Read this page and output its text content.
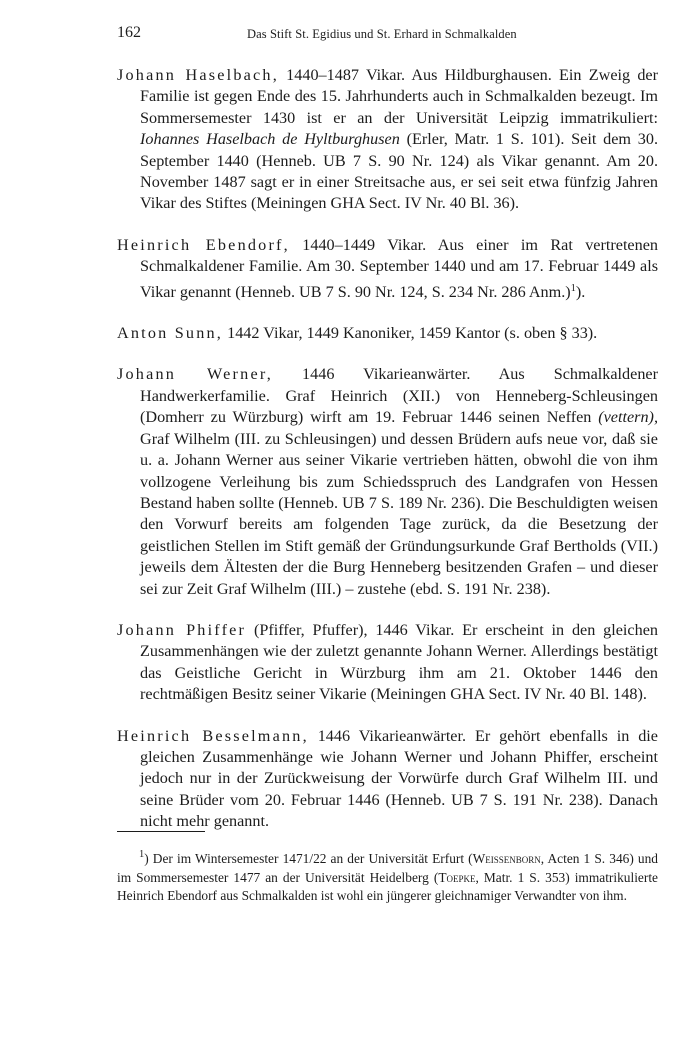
162	Das Stift St. Egidius und St. Erhard in Schmalkalden

Johann Haselbach, 1440–1487 Vikar. Aus Hildburghausen. Ein Zweig der Familie ist gegen Ende des 15. Jahrhunderts auch in Schmalkalden bezeugt. Im Sommersemester 1430 ist er an der Universität Leipzig immatrikuliert: Iohannes Haselbach de Hyltburghusen (Erler, Matr. 1 S. 101). Seit dem 30. September 1440 (Henneb. UB 7 S. 90 Nr. 124) als Vikar genannt. Am 20. November 1487 sagt er in einer Streitsache aus, er sei seit etwa fünfzig Jahren Vikar des Stiftes (Meiningen GHA Sect. IV Nr. 40 Bl. 36).

Heinrich Ebendorf, 1440–1449 Vikar. Aus einer im Rat vertretenen Schmalkaldener Familie. Am 30. September 1440 und am 17. Februar 1449 als Vikar genannt (Henneb. UB 7 S. 90 Nr. 124, S. 234 Nr. 286 Anm.)$^1$).

Anton Sunn, 1442 Vikar, 1449 Kanoniker, 1459 Kantor (s. oben § 33).

Johann Werner, 1446 Vikarieanwärter. Aus Schmalkaldener Handwerkerfamilie. Graf Heinrich (XII.) von Henneberg-Schleusingen (Domherr zu Würzburg) wirft am 19. Februar 1446 seinen Neffen (vettern), Graf Wilhelm (III. zu Schleusingen) und dessen Brüdern aufs neue vor, daß sie u. a. Johann Werner aus seiner Vikarie vertrieben hätten, obwohl die von ihm vollzogene Verleihung bis zum Schiedsspruch des Landgrafen von Hessen Bestand haben sollte (Henneb. UB 7 S. 189 Nr. 236). Die Beschuldigten weisen den Vorwurf bereits am folgenden Tage zurück, da die Besetzung der geistlichen Stellen im Stift gemäß der Gründungsurkunde Graf Bertholds (VII.) jeweils dem Ältesten der die Burg Henneberg besitzenden Grafen – und dieser sei zur Zeit Graf Wilhelm (III.) – zustehe (ebd. S. 191 Nr. 238).

Johann Phiffer (Pfiffer, Pfuffer), 1446 Vikar. Er erscheint in den gleichen Zusammenhängen wie der zuletzt genannte Johann Werner. Allerdings bestätigt das Geistliche Gericht in Würzburg ihm am 21. Oktober 1446 den rechtmäßigen Besitz seiner Vikarie (Meiningen GHA Sect. IV Nr. 40 Bl. 148).

Heinrich Besselmann, 1446 Vikarieanwärter. Er gehört ebenfalls in die gleichen Zusammenhänge wie Johann Werner und Johann Phiffer, erscheint jedoch nur in der Zurückweisung der Vorwürfe durch Graf Wilhelm III. und seine Brüder vom 20. Februar 1446 (Henneb. UB 7 S. 191 Nr. 238). Danach nicht mehr genannt.

$^1$) Der im Wintersemester 1471/22 an der Universität Erfurt (Weissenborn, Acten 1 S. 346) und im Sommersemester 1477 an der Universität Heidelberg (Toepke, Matr. 1 S. 353) immatrikulierte Heinrich Ebendorf aus Schmalkalden ist wohl ein jüngerer gleichnamiger Verwandter von ihm.
